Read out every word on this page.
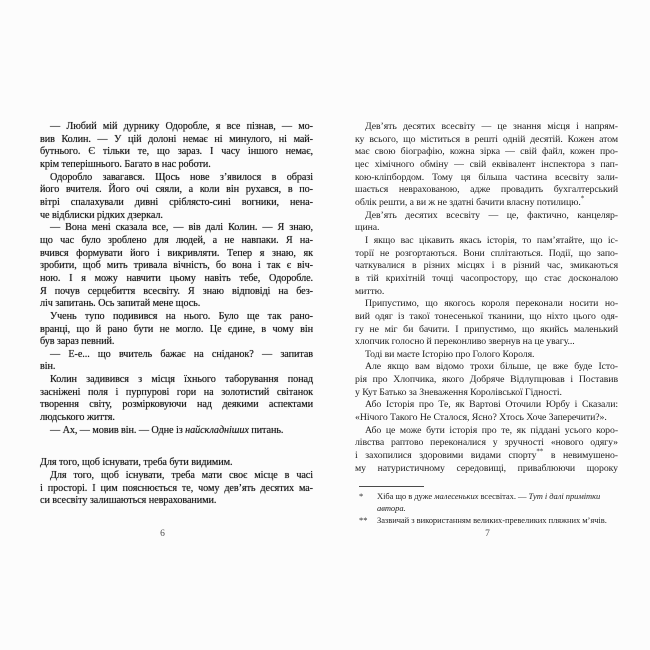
— Любий мій дурнику Одоробле, я все пізнав, — мо-
вив Колин. — У цій долоні немає ні минулого, ні май-
бутнього. Є тільки те, що зараз. І часу іншого немає,
крім теперішнього. Багато в нас роботи.
Одоробло завагався. Щось нове з’явилося в образі
його вчителя. Його очі сяяли, а коли він рухався, в по-
вітрі спалахували дивні сріблясто-сині вогники, нена-
че відблиски рідких дзеркал.
— Вона мені сказала все, — вів далі Колин. — Я знаю,
що час було зроблено для людей, а не навпаки. Я на-
вчився формувати його і викривляти. Тепер я знаю, як
зробити, щоб мить тривала вічність, бо вона і так є віч-
ною. І я можу навчити цьому навіть тебе, Одоробле.
Я почув серцебиття всесвіту. Я знаю відповіді на без-
ліч запитань. Ось запитай мене щось.
Учень тупо подивився на нього. Було ще так рано-
вранці, що й рано бути не могло. Це єдине, в чому він
був зараз певний.
— Е-е... що вчитель бажає на сніданок? — запитав
він.
Колин задивився з місця їхнього таборування понад
засніжені поля і пурпурові гори на золотистий світанок
творення світу, розмірковуючи над деякими аспектами
людського життя.
— Ах, — мовив він. — Одне із найскладніших питань.
Для того, щоб існувати, треба бути видимим.
Для того, щоб існувати, треба мати своє місце в часі
і просторі. І цим пояснюється те, чому дев’ять десятих ма-
си всесвіту залишаються неврахованими.
Дев’ять десятих всесвіту — це знання місця і напрям-
ку всього, що міститься в решті одній десятій. Кожен атом
має свою біографію, кожна зірка — свій файл, кожен про-
цес хімічного обміну — свій еквівалент інспектора з пап-
кою-кліпбордом. Тому ця більша частина всесвіту зали-
шається неврахованою, адже провадить бухгалтерський
облік решти, а ви ж не здатні бачити власну потилицю.*
Дев’ять десятих всесвіту — це, фактично, канцеляр-
щина.
І якщо вас цікавить якась історія, то пам’ятайте, що іс-
торії не розгортаються. Вони сплітаються. Події, що запо-
чаткувалися в різних місцях і в різний час, змикаються
в тій крихітній точці часопростору, що стає досконалою
миттю.
Припустимо, що якогось короля переконали носити но-
вий одяг із такої тонесенької тканини, що ніхто цього одя-
гу не міг би бачити. І припустимо, що якийсь маленький
хлопчик голосно й переконливо звернув на це увагу...
Тоді ви маєте Історію про Голого Короля.
Але якщо вам відомо трохи більше, це вже буде Істо-
рія про Хлопчика, якого Добряче Відлупцював і Поставив
у Кут Батько за Зневаження Королівської Гідності.
Або Історія про Те, як Вартові Оточили Юрбу і Сказали:
«Нічого Такого Не Сталося, Ясно? Хтось Хоче Заперечити?».
Або це може бути історія про те, як піддані усього коро-
лівства раптово переконалися у зручності «нового одягу»
і захопилися здоровими видами спорту** в невимушено-
му натуристичному середовищі, приваблюючи щороку
* Хіба що в дуже малесеньких всесвітах. — Тут і далі примітки автора.
** Зазвичай з використанням великих-превеликих пляжних м’ячів.
6	7
